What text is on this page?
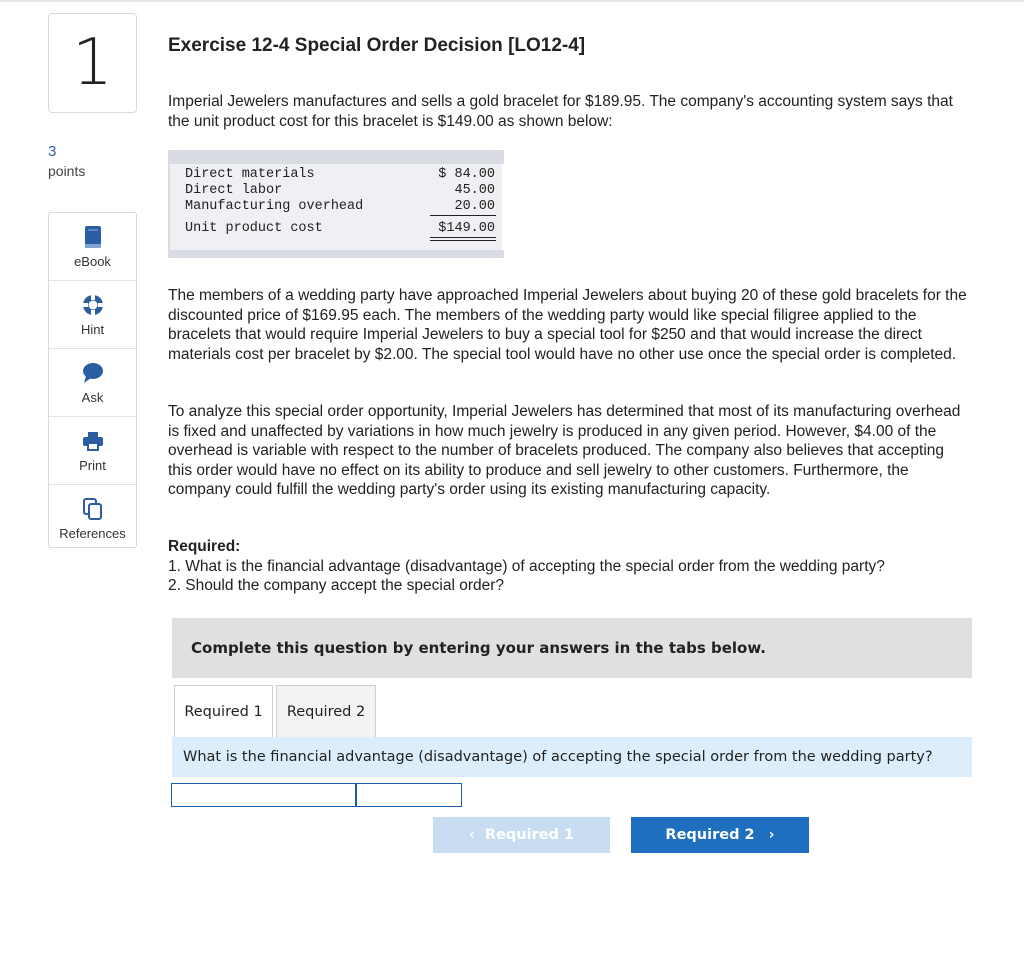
1
3
points
eBook
Hint
Ask
Print
References
Exercise 12-4 Special Order Decision [LO12-4]

Imperial Jewelers manufactures and sells a gold bracelet for $189.95. The company's accounting system says that the unit product cost for this bracelet is $149.00 as shown below:

Direct materials	$ 84.00
Direct labor	45.00
Manufacturing overhead	20.00
Unit product cost	$149.00

The members of a wedding party have approached Imperial Jewelers about buying 20 of these gold bracelets for the discounted price of $169.95 each. The members of the wedding party would like special filigree applied to the bracelets that would require Imperial Jewelers to buy a special tool for $250 and that would increase the direct materials cost per bracelet by $2.00. The special tool would have no other use once the special order is completed.

To analyze this special order opportunity, Imperial Jewelers has determined that most of its manufacturing overhead is fixed and unaffected by variations in how much jewelry is produced in any given period. However, $4.00 of the overhead is variable with respect to the number of bracelets produced. The company also believes that accepting this order would have no effect on its ability to produce and sell jewelry to other customers. Furthermore, the company could fulfill the wedding party's order using its existing manufacturing capacity.

Required:
1. What is the financial advantage (disadvantage) of accepting the special order from the wedding party?
2. Should the company accept the special order?
Complete this question by entering your answers in the tabs below.
Required 1	Required 2
What is the financial advantage (disadvantage) of accepting the special order from the wedding party?
‹ Required 1	Required 2 ›
